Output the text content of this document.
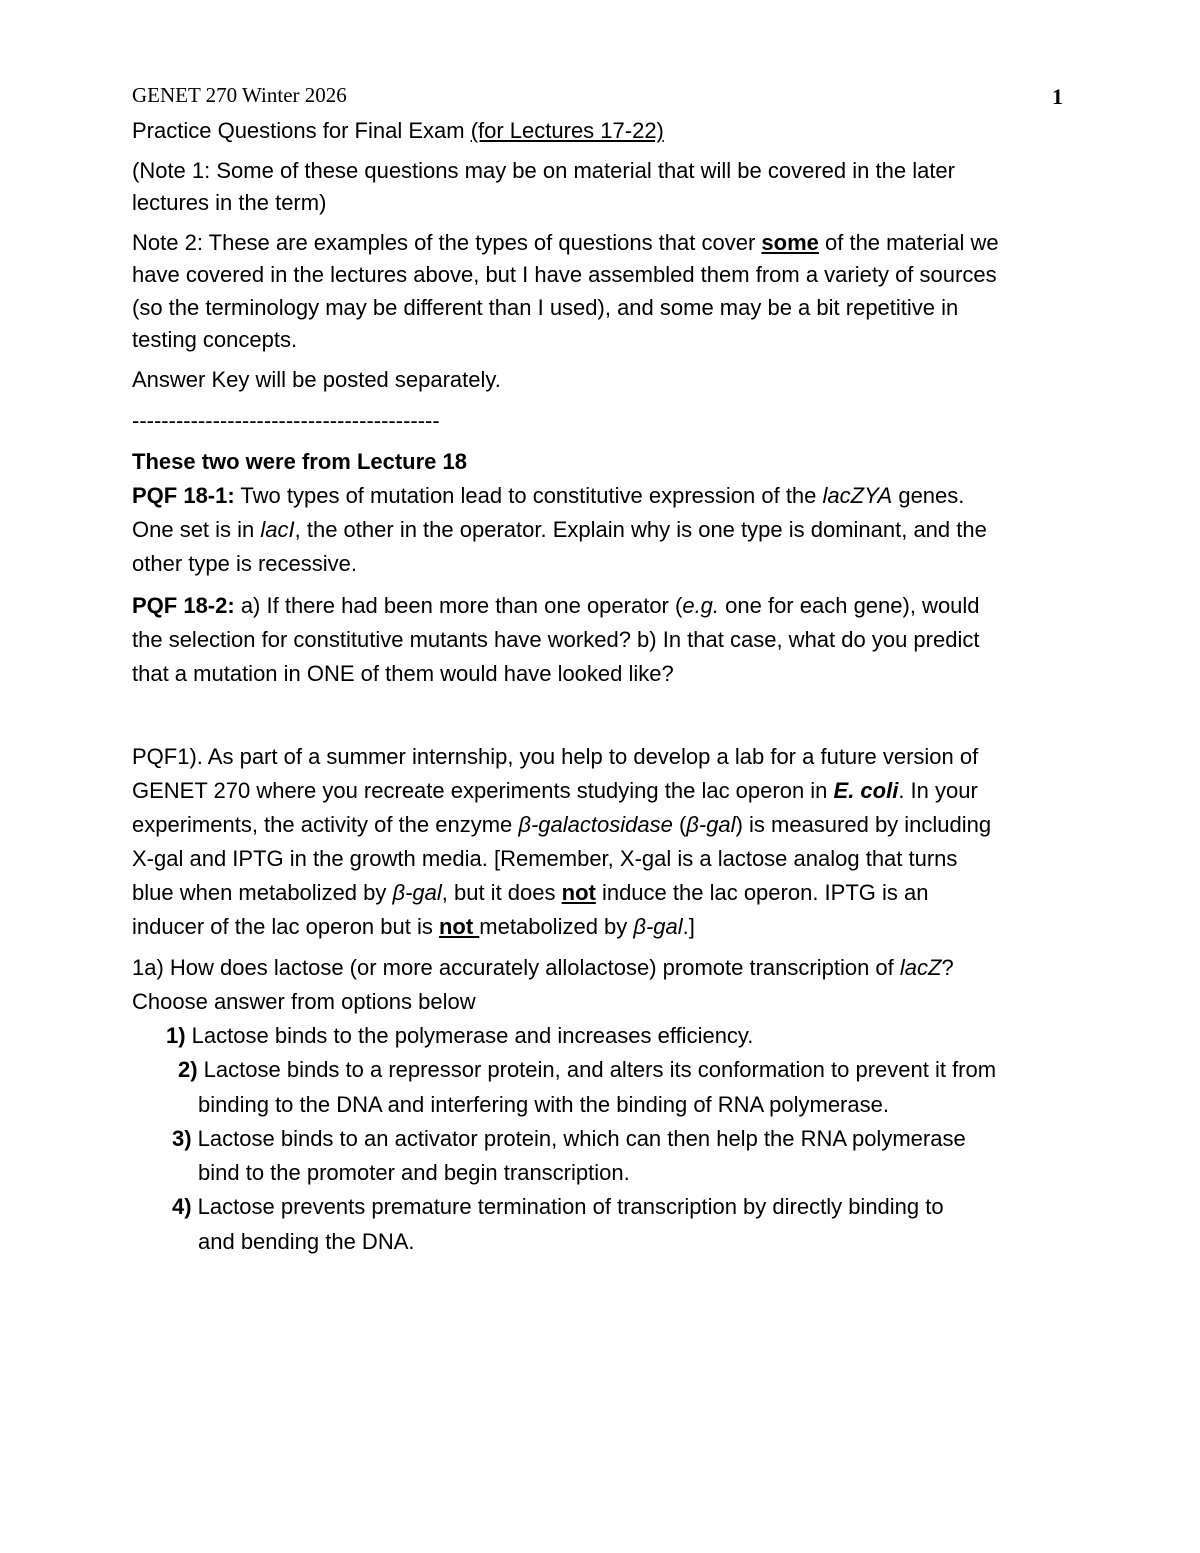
GENET 270 Winter 2026	1
Practice Questions for Final Exam (for Lectures 17-22)
(Note 1: Some of these questions may be on material that will be covered in the later
lectures in the term)
Note 2: These are examples of the types of questions that cover some of the material we
have covered in the lectures above, but I have assembled them from a variety of sources
(so the terminology may be different than I used), and some may be a bit repetitive in
testing concepts.
Answer Key will be posted separately.
------------------------------------------
These two were from Lecture 18
PQF 18-1: Two types of mutation lead to constitutive expression of the lacZYA genes.
One set is in lacI, the other in the operator. Explain why is one type is dominant, and the
other type is recessive.
PQF 18-2: a) If there had been more than one operator (e.g. one for each gene), would
the selection for constitutive mutants have worked? b) In that case, what do you predict
that a mutation in ONE of them would have looked like?
PQF1). As part of a summer internship, you help to develop a lab for a future version of
GENET 270 where you recreate experiments studying the lac operon in E. coli. In your
experiments, the activity of the enzyme β-galactosidase (β-gal) is measured by including
X-gal and IPTG in the growth media. [Remember, X-gal is a lactose analog that turns
blue when metabolized by β-gal, but it does not induce the lac operon. IPTG is an
inducer of the lac operon but is not metabolized by β-gal.]
1a) How does lactose (or more accurately allolactose) promote transcription of lacZ?
Choose answer from options below
1) Lactose binds to the polymerase and increases efficiency.
2) Lactose binds to a repressor protein, and alters its conformation to prevent it from
binding to the DNA and interfering with the binding of RNA polymerase.
3) Lactose binds to an activator protein, which can then help the RNA polymerase
bind to the promoter and begin transcription.
4) Lactose prevents premature termination of transcription by directly binding to
and bending the DNA.
